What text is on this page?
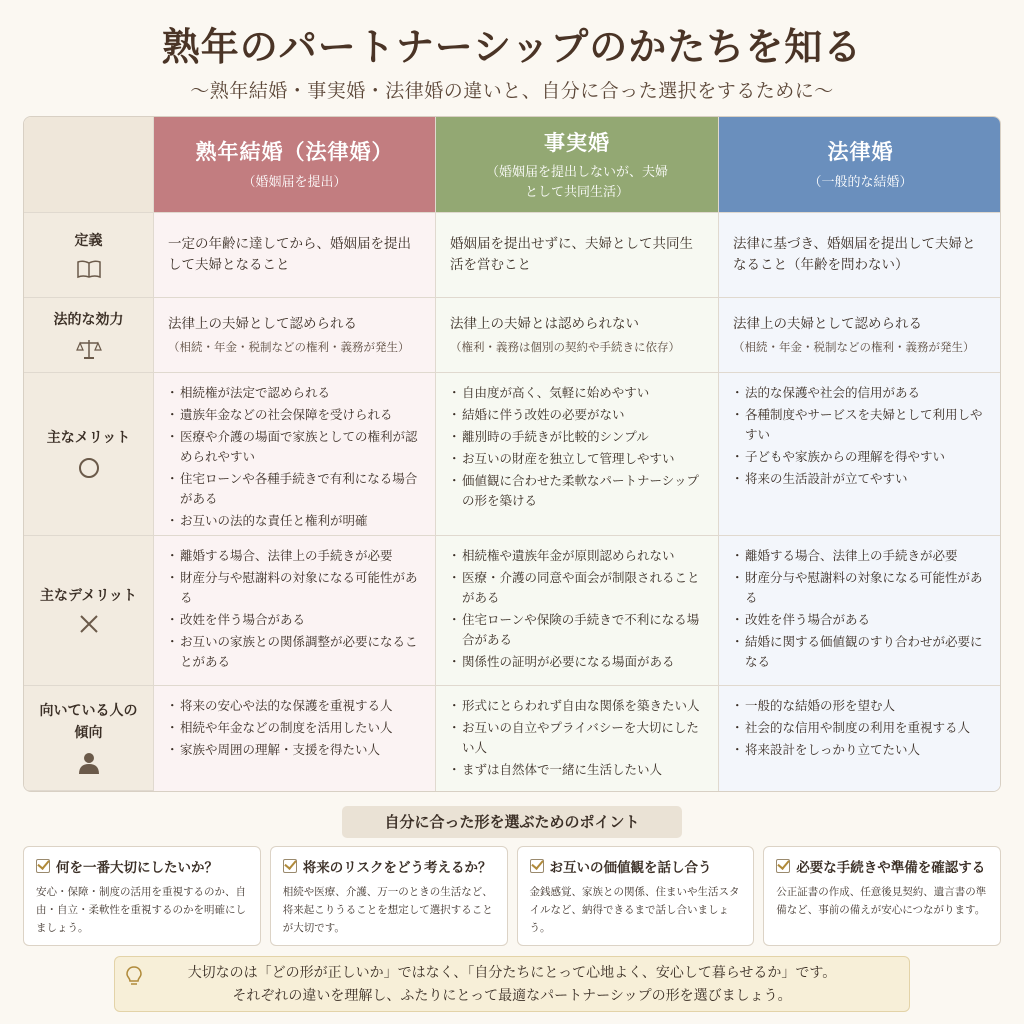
熟年のパートナーシップのかたちを知る
〜熟年結婚・事実婚・法律婚の違いと、自分に合った選択をするために〜
熟年結婚（法律婚）
（婚姻届を提出）
事実婚
（婚姻届を提出しないが、夫婦として共同生活）
法律婚
（一般的な結婚）
定義	一定の年齢に達してから、婚姻届を提出して夫婦となること
婚姻届を提出せずに、夫婦として共同生活を営むこと
法律に基づき、婚姻届を提出して夫婦となること（年齢を問わない）
法的な効力	法律上の夫婦として認められる
（相続・年金・税制などの権利・義務が発生）
法律上の夫婦とは認められない
（権利・義務は個別の契約や手続きに依存）
法律上の夫婦として認められる
（相続・年金・税制などの権利・義務が発生）
主なメリット
・ 相続権が法定で認められる
・ 遺族年金などの社会保障を受けられる
・ 医療や介護の場面で家族としての権利が認められやすい
・ 住宅ローンや各種手続きで有利になる場合がある
・ お互いの法的な責任と権利が明確
・ 自由度が高く、気軽に始めやすい
・ 結婚に伴う改姓の必要がない
・ 離別時の手続きが比較的シンプル
・ お互いの財産を独立して管理しやすい
・ 価値観に合わせた柔軟なパートナーシップの形を築ける
・ 法的な保護や社会的信用がある
・ 各種制度やサービスを夫婦として利用しやすい
・ 子どもや家族からの理解を得やすい
・ 将来の生活設計が立てやすい
主なデメリット
・ 離婚する場合、法律上の手続きが必要
・ 財産分与や慰謝料の対象になる可能性がある
・ 改姓を伴う場合がある
・ お互いの家族との関係調整が必要になることがある
・ 相続権や遺族年金が原則認められない
・ 医療・介護の同意や面会が制限されることがある
・ 住宅ローンや保険の手続きで不利になる場合がある
・ 関係性の証明が必要になる場面がある
・ 離婚する場合、法律上の手続きが必要
・ 財産分与や慰謝料の対象になる可能性がある
・ 改姓を伴う場合がある
・ 結婚に関する価値観のすり合わせが必要になる
向いている人の傾向
・ 将来の安心や法的な保護を重視する人
・ 相続や年金などの制度を活用したい人
・ 家族や周囲の理解・支援を得たい人
・ 形式にとらわれず自由な関係を築きたい人
・ お互いの自立やプライバシーを大切にしたい人
・ まずは自然体で一緒に生活したい人
・ 一般的な結婚の形を望む人
・ 社会的な信用や制度の利用を重視する人
・ 将来設計をしっかり立てたい人
自分に合った形を選ぶためのポイント
何を一番大切にしたいか？
安心・保障・制度の活用を重視するのか、自由・自立・柔軟性を重視するのかを明確にしましょう。
将来のリスクをどう考えるか？
相続や医療、介護、万一のときの生活など、将来起こりうることを想定して選択することが大切です。
お互いの価値観を話し合う
金銭感覚、家族との関係、住まいや生活スタイルなど、納得できるまで話し合いましょう。
必要な手続きや準備を確認する
公正証書の作成、任意後見契約、遺言書の準備など、事前の備えが安心につながります。
大切なのは「どの形が正しいか」ではなく、「自分たちにとって心地よく、安心して暮らせるか」です。
それぞれの違いを理解し、ふたりにとって最適なパートナーシップの形を選びましょう。
